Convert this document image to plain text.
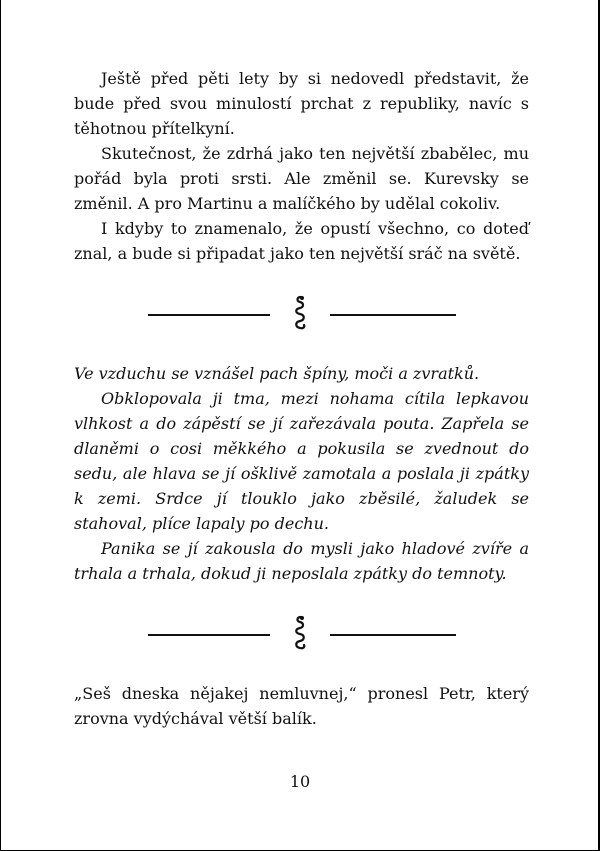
Ještě před pěti lety by si nedovedl představit, že bude před svou minulostí prchat z republiky, navíc s těhotnou přítelkyní.

Skutečnost, že zdrhá jako ten největší zbabělec, mu pořád byla proti srsti. Ale změnil se. Kurevsky se změnil. A pro Martinu a malíčkého by udělal cokoliv.

I kdyby to znamenalo, že opustí všechno, co doteď znal, a bude si připadat jako ten největší sráč na světě.

Ve vzduchu se vznášel pach špíny, moči a zvratků.

Obklopovala ji tma, mezi nohama cítila lepkavou vlhkost a do zápěstí se jí zařezávala pouta. Zapřela se dlaněmi o cosi měkkého a pokusila se zvednout do sedu, ale hlava se jí ošklivě zamotala a poslala ji zpátky k zemi. Srdce jí tlouklo jako zběsilé, žaludek se stahoval, plíce lapaly po dechu.

Panika se jí zakousla do mysli jako hladové zvíře a trhala a trhala, dokud ji neposlala zpátky do temnoty.

„Seš dneska nějakej nemluvnej,“ pronesl Petr, který zrovna vydýchával větší balík.

10
